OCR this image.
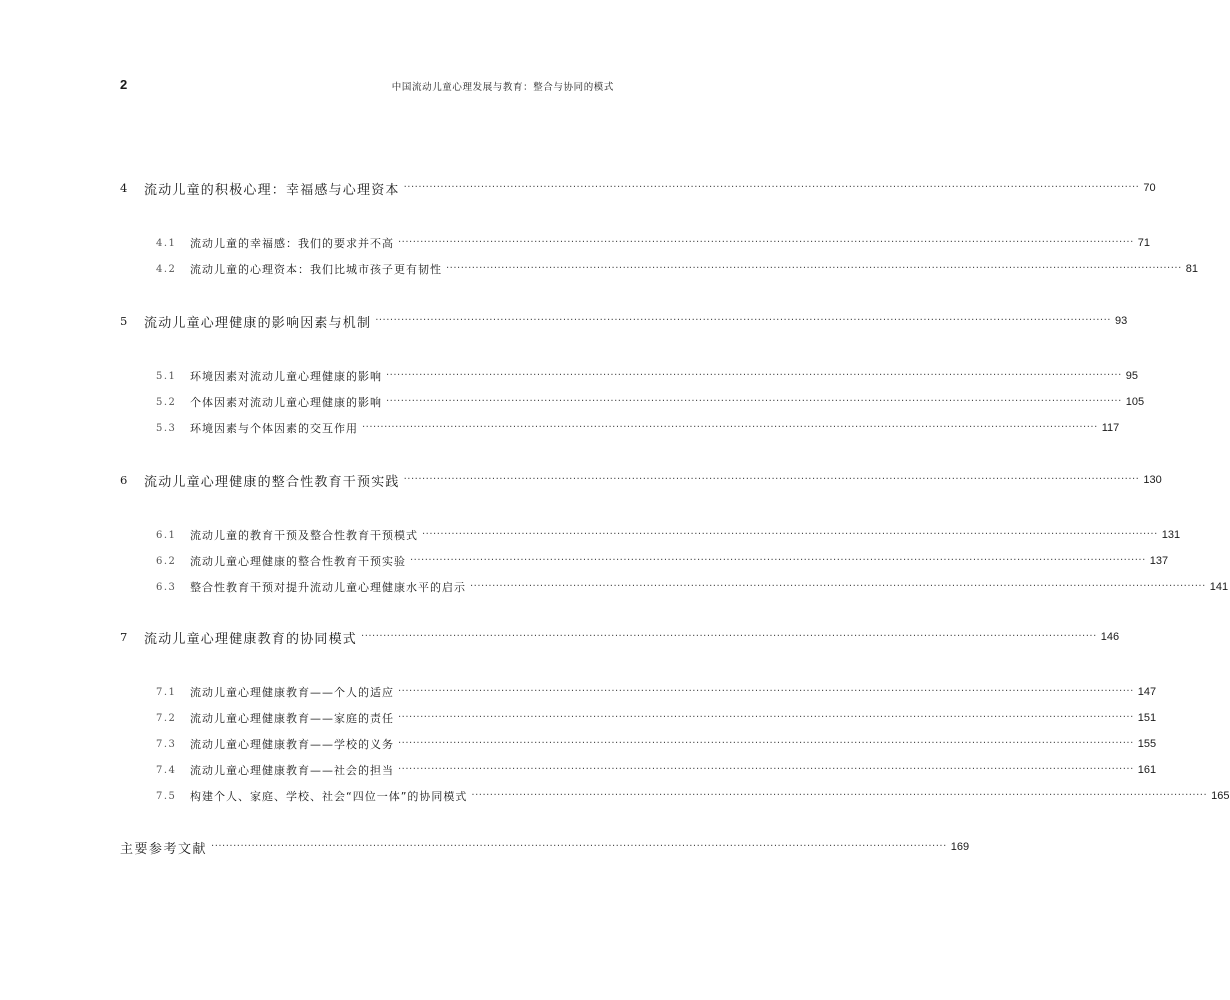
2	中国流动儿童心理发展与教育：整合与协同的模式
4	流动儿童的积极心理：幸福感与心理资本 ········································································································································································································ 70
4.1	流动儿童的幸福感：我们的要求并不高 ········································································································································································································ 71
4.2	流动儿童的心理资本：我们比城市孩子更有韧性 ········································································································································································································ 81
5	流动儿童心理健康的影响因素与机制 ········································································································································································································ 93
5.1	环境因素对流动儿童心理健康的影响 ········································································································································································································ 95
5.2	个体因素对流动儿童心理健康的影响 ········································································································································································································ 105
5.3	环境因素与个体因素的交互作用 ········································································································································································································ 117
6	流动儿童心理健康的整合性教育干预实践 ········································································································································································································ 130
6.1	流动儿童的教育干预及整合性教育干预模式 ········································································································································································································ 131
6.2	流动儿童心理健康的整合性教育干预实验 ········································································································································································································ 137
6.3	整合性教育干预对提升流动儿童心理健康水平的启示 ········································································································································································································ 141
7	流动儿童心理健康教育的协同模式 ········································································································································································································ 146
7.1	流动儿童心理健康教育——个人的适应 ········································································································································································································ 147
7.2	流动儿童心理健康教育——家庭的责任 ········································································································································································································ 151
7.3	流动儿童心理健康教育——学校的义务 ········································································································································································································ 155
7.4	流动儿童心理健康教育——社会的担当 ········································································································································································································ 161
7.5	构建个人、家庭、学校、社会“四位一体”的协同模式 ········································································································································································································ 165
主要参考文献 ········································································································································································································ 169
